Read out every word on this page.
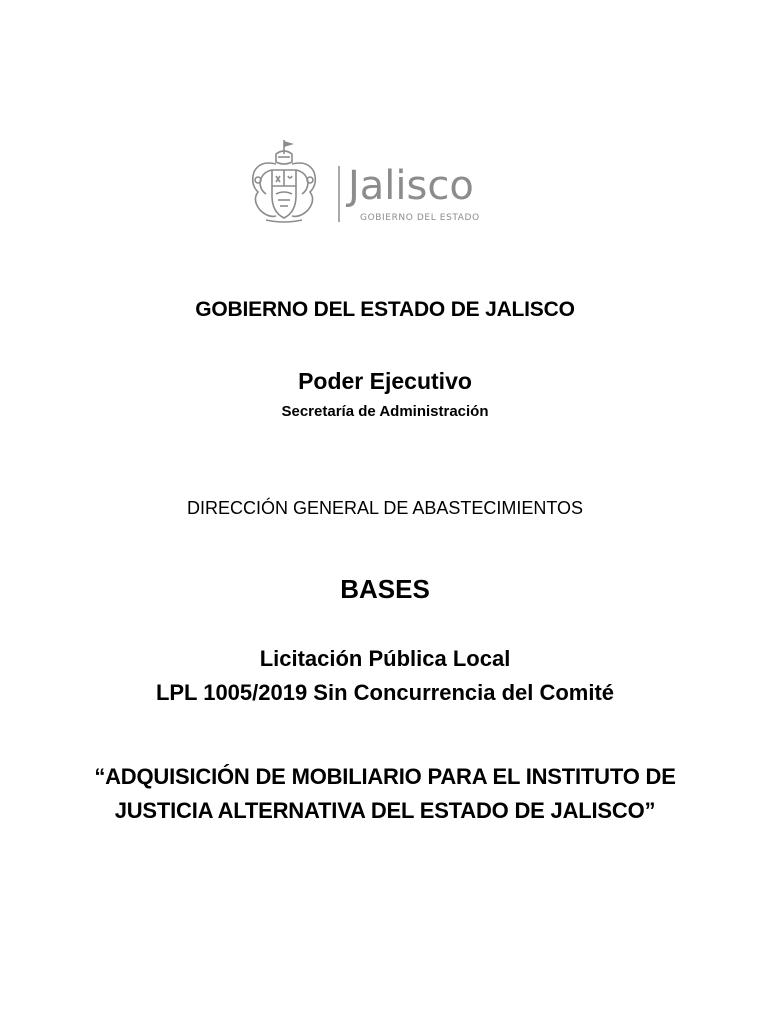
Jalisco
GOBIERNO DEL ESTADO
GOBIERNO DEL ESTADO DE JALISCO
Poder Ejecutivo
Secretaría de Administración
DIRECCIÓN GENERAL DE ABASTECIMIENTOS
BASES
Licitación Pública Local
LPL 1005/2019 Sin Concurrencia del Comité
“ADQUISICIÓN DE MOBILIARIO PARA EL INSTITUTO DE
JUSTICIA ALTERNATIVA DEL ESTADO DE JALISCO”
